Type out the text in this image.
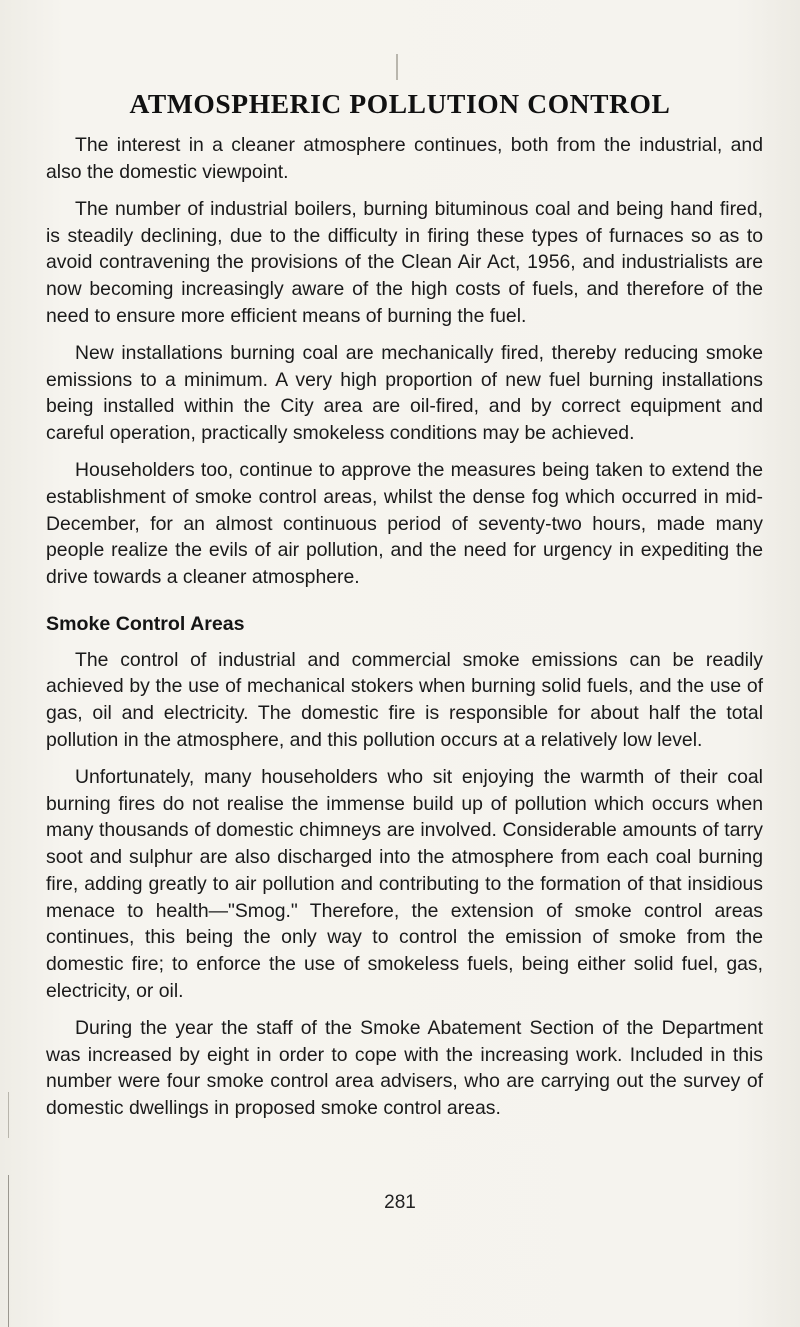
ATMOSPHERIC POLLUTION CONTROL

The interest in a cleaner atmosphere continues, both from the industrial, and also the domestic viewpoint.

The number of industrial boilers, burning bituminous coal and being hand fired, is steadily declining, due to the difficulty in firing these types of furnaces so as to avoid contravening the provisions of the Clean Air Act, 1956, and industrialists are now becoming increasingly aware of the high costs of fuels, and therefore of the need to ensure more efficient means of burning the fuel.

New installations burning coal are mechanically fired, thereby reducing smoke emissions to a minimum. A very high proportion of new fuel burning installations being installed within the City area are oil-fired, and by correct equipment and careful operation, practically smokeless conditions may be achieved.

Householders too, continue to approve the measures being taken to extend the establishment of smoke control areas, whilst the dense fog which occurred in mid-December, for an almost continuous period of seventy-two hours, made many people realize the evils of air pollution, and the need for urgency in expediting the drive towards a cleaner atmosphere.

Smoke Control Areas

The control of industrial and commercial smoke emissions can be readily achieved by the use of mechanical stokers when burning solid fuels, and the use of gas, oil and electricity. The domestic fire is responsible for about half the total pollution in the atmosphere, and this pollution occurs at a relatively low level.

Unfortunately, many householders who sit enjoying the warmth of their coal burning fires do not realise the immense build up of pollution which occurs when many thousands of domestic chimneys are involved. Considerable amounts of tarry soot and sulphur are also discharged into the atmosphere from each coal burning fire, adding greatly to air pollution and contributing to the formation of that insidious menace to health—"Smog." Therefore, the extension of smoke control areas continues, this being the only way to control the emission of smoke from the domestic fire; to enforce the use of smokeless fuels, being either solid fuel, gas, electricity, or oil.

During the year the staff of the Smoke Abatement Section of the Department was increased by eight in order to cope with the increasing work. Included in this number were four smoke control area advisers, who are carrying out the survey of domestic dwellings in proposed smoke control areas.

281
